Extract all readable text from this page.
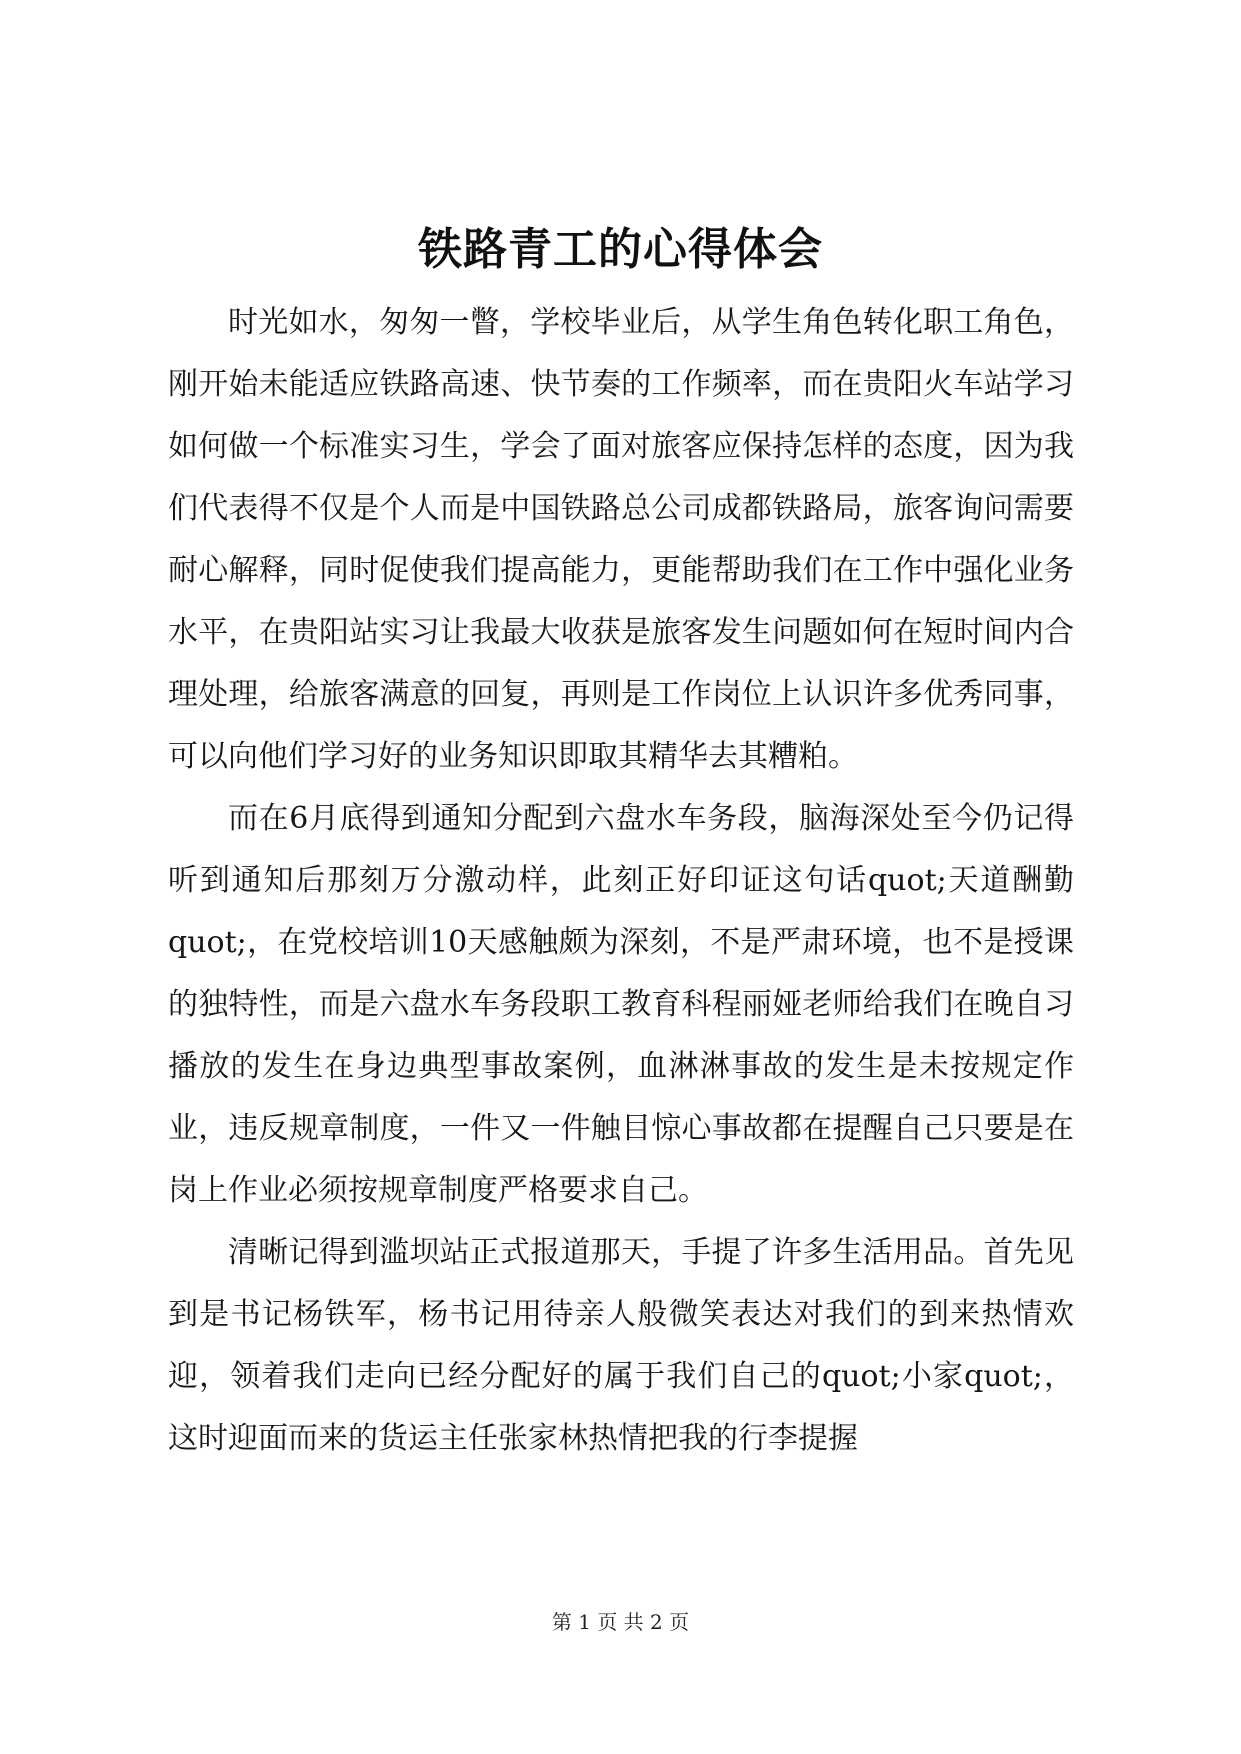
铁路青工的心得体会

时光如水，匆匆一瞥，学校毕业后，从学生角色转化职工角色，刚开始未能适应铁路高速、快节奏的工作频率，而在贵阳火车站学习如何做一个标准实习生，学会了面对旅客应保持怎样的态度，因为我们代表得不仅是个人而是中国铁路总公司成都铁路局，旅客询问需要耐心解释，同时促使我们提高能力，更能帮助我们在工作中强化业务水平，在贵阳站实习让我最大收获是旅客发生问题如何在短时间内合理处理，给旅客满意的回复，再则是工作岗位上认识许多优秀同事，可以向他们学习好的业务知识即取其精华去其糟粕。

而在6月底得到通知分配到六盘水车务段，脑海深处至今仍记得听到通知后那刻万分激动样，此刻正好印证这句话quot;天道酬勤quot;，在党校培训10天感触颇为深刻，不是严肃环境，也不是授课的独特性，而是六盘水车务段职工教育科程丽娅老师给我们在晚自习播放的发生在身边典型事故案例，血淋淋事故的发生是未按规定作业，违反规章制度，一件又一件触目惊心事故都在提醒自己只要是在岗上作业必须按规章制度严格要求自己。

清晰记得到滥坝站正式报道那天，手提了许多生活用品。首先见到是书记杨铁军，杨书记用待亲人般微笑表达对我们的到来热情欢迎，领着我们走向已经分配好的属于我们自己的quot;小家quot;，这时迎面而来的货运主任张家林热情把我的行李提握

第 1 页 共 2 页
